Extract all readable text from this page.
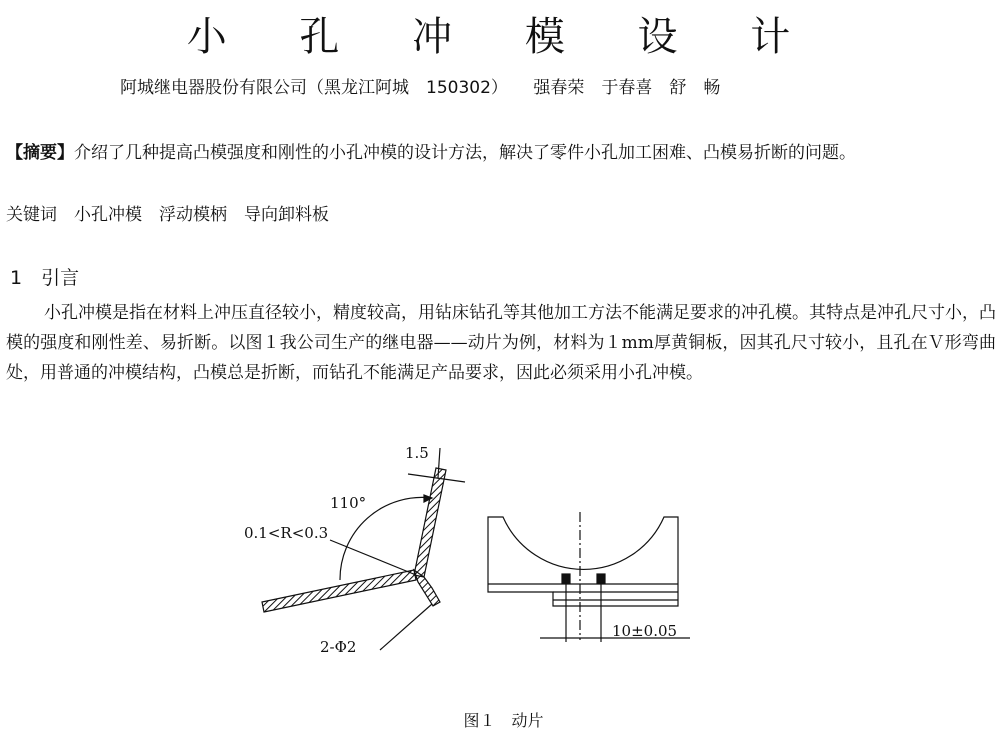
小 孔 冲 模 设 计
阿城继电器股份有限公司（黑龙江阿城　150302）　　强春荣　于春喜　舒　畅
【摘要】介绍了几种提高凸模强度和刚性的小孔冲模的设计方法，解决了零件小孔加工困难、凸模易折断的问题。
关键词　 小孔冲模　 浮动模柄　 导向卸料板
1　 引言
小孔冲模是指在材料上冲压直径较小，精度较高，用钻床钻孔等其他加工方法不能满足要求的冲孔模。其特点是冲孔尺寸小，凸模的强度和刚性差、易折断。以图１我公司生产的继电器——动片为例，材料为１mm厚黄铜板，因其孔尺寸较小，且孔在Ｖ形弯曲处，用普通的冲模结构，凸模总是折断，而钻孔不能满足产品要求，因此必须采用小孔冲模。
1.5
110°
0.1<R<0.3
2-Φ2
10±0.05
图１　 动片
